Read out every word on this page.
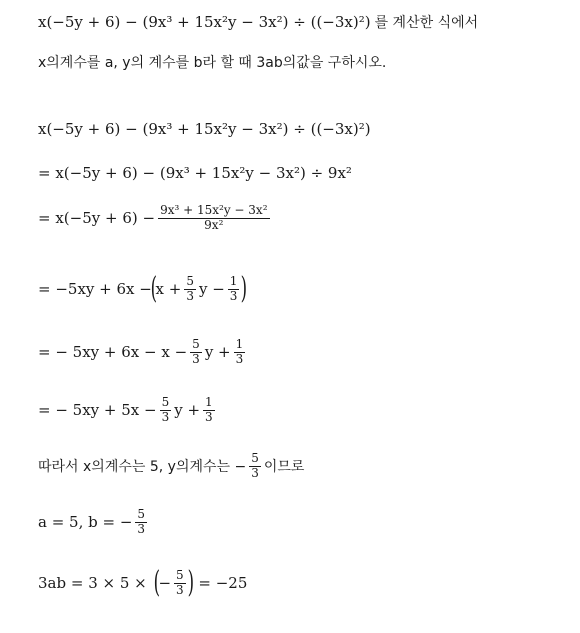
x(−5y + 6) − (9x³ + 15x²y − 3x²) ÷ ((−3x)²) 를 계산한 식에서
x의계수를 a, y의 계수를 b라 할 때 3ab의값을 구하시오.
x(−5y + 6) − (9x³ + 15x²y − 3x²) ÷ ((−3x)²)
= x(−5y + 6) − (9x³ + 15x²y − 3x²) ÷ 9x²
= $x(-5y + 6) - \frac{\text{9x³ + 15x²y − 3x²}}{\text{9x²}}$
= −5xy + 6x −
(
$x + \frac{5}{3}$ $y - \frac{1}{3}$ )
= − $5xy + 6x - x - \frac{5}{3}$ $y + \frac{1}{3}$
= − $5xy + 5x - \frac{5}{3}$ $y + \frac{1}{3}$
따라서 x의계수는 5, y의계수는 − $\frac{5}{3}$ 이므로
a = 5, b = − $\frac{5}{3}$
3ab = 3 × 5 × (
− $\frac{5}{3}$ ) = −25
